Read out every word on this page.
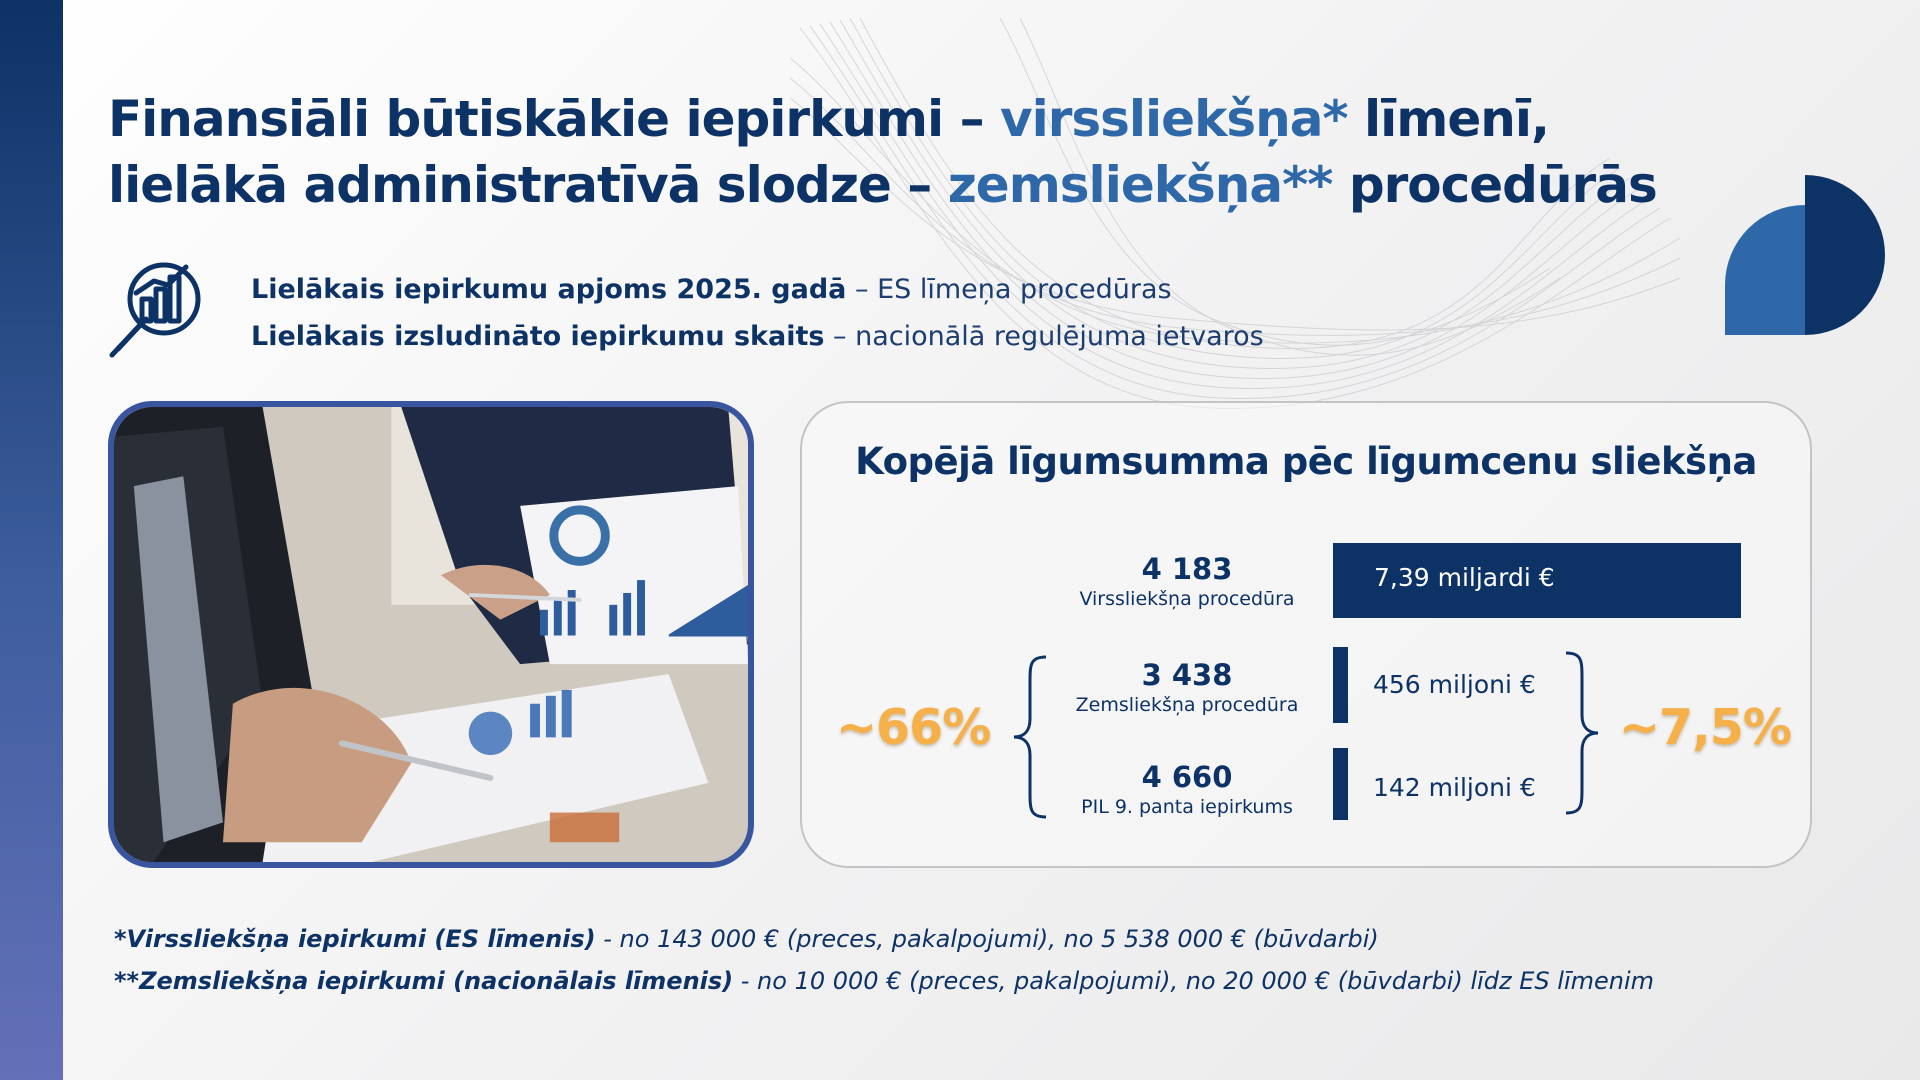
Finansiāli būtiskākie iepirkumi – virssliekšņa* līmenī,
lielākā administratīvā slodze – zemsliekšņa** procedūrās
Lielākais iepirkumu apjoms 2025. gadā – ES līmeņa procedūras
Lielākais izsludināto iepirkumu skaits – nacionālā regulējuma ietvaros
Kopējā līgumsumma pēc līgumcenu sliekšņa
4 183
Virssliekšņa procedūra
3 438
Zemsliekšņa procedūra
4 660
PIL 9. panta iepirkums
7,39 miljardi €
456 miljoni €
142 miljoni €
~66%	~7,5%
*Virssliekšņa iepirkumi (ES līmenis) - no 143 000 € (preces, pakalpojumi), no 5 538 000 € (būvdarbi)
**Zemsliekšņa iepirkumi (nacionālais līmenis) - no 10 000 € (preces, pakalpojumi), no 20 000 € (būvdarbi) līdz ES līmenim
